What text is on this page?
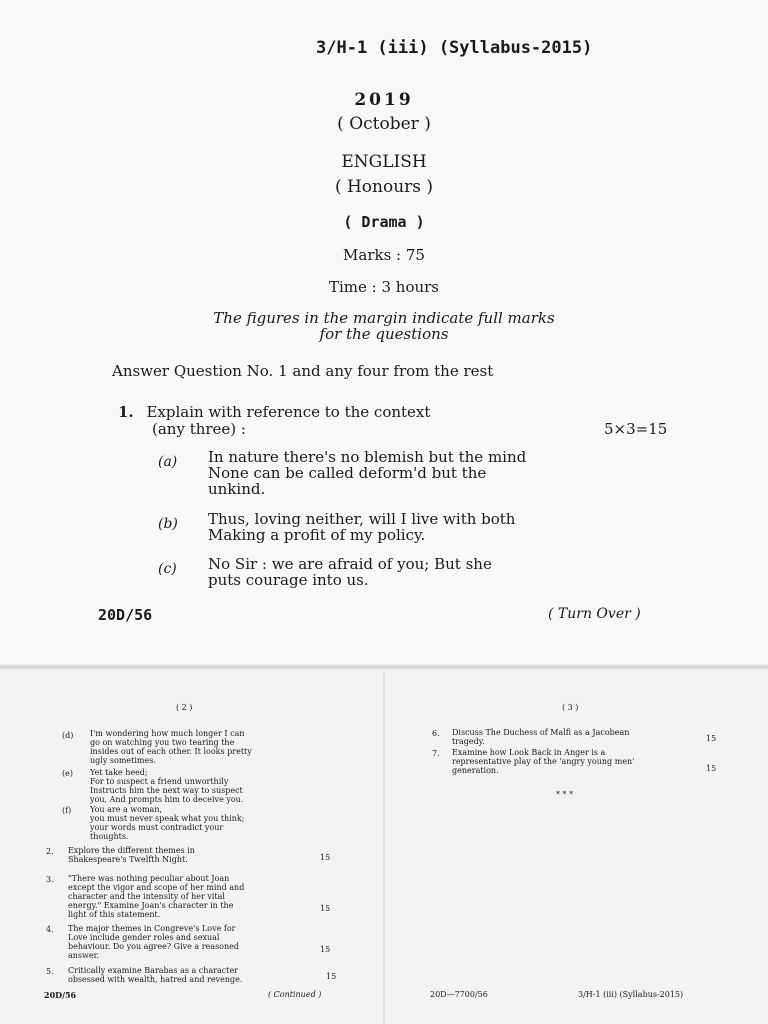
3/H-1 (iii) (Syllabus-2015)
2019
( October )
ENGLISH
( Honours )
( Drama )
Marks : 75
Time : 3 hours
The figures in the margin indicate full marks
for the questions
Answer Question No. 1 and any four from the rest
1. Explain with reference to the context
(any three) :	5×3=15
(a) In nature there's no blemish but the mind
None can be called deform'd but the
unkind.
(b) Thus, loving neither, will I live with both
Making a profit of my policy.
(c) No Sir : we are afraid of you; But she
puts courage into us.
20D/56	( Turn Over )
( 2 )
(d) I'm wondering how much longer I can
go on watching you two tearing the
insides out of each other. It looks pretty
ugly sometimes.
(e) Yet take heed;
For to suspect a friend unworthily
Instructs him the next way to suspect
you, And prompts him to deceive you.
(f) You are a woman,
you must never speak what you think;
your words must contradict your
thoughts.
2. Explore the different themes in
Shakespeare's Twelfth Night.	15
3. "There was nothing peculiar about Joan
except the vigor and scope of her mind and
character and the intensity of her vital
energy." Examine Joan's character in the
light of this statement.
15
4. The major themes in Congreve's Love for
Love include gender roles and sexual
behaviour. Do you agree? Give a reasoned
answer.
15
5. Critically examine Barabas as a character
obsessed with wealth, hatred and revenge.	15
20D/56	( Continued )
( 3 )
6. Discuss The Duchess of Malfi as a Jacobean
tragedy.	15
7. Examine how Look Back in Anger is a
representative play of the 'angry young men'
generation.	15
* * *
20D—7700/56	3/H-1 (iii) (Syllabus-2015)
